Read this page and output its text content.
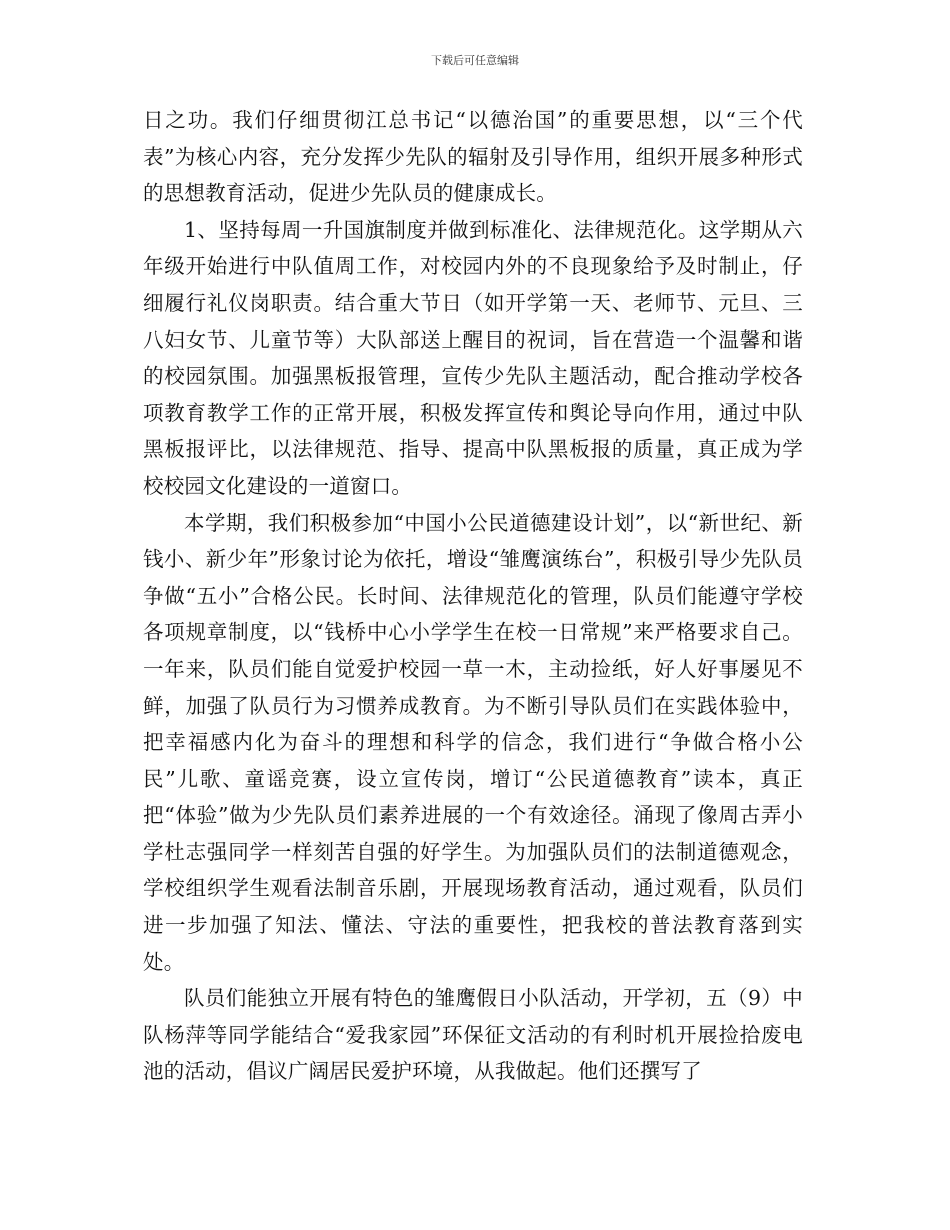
下载后可任意编辑

日之功。我们仔细贯彻江总书记“以德治国”的重要思想，以“三个代表”为核心内容，充分发挥少先队的辐射及引导作用，组织开展多种形式的思想教育活动，促进少先队员的健康成长。

1、坚持每周一升国旗制度并做到标准化、法律规范化。这学期从六年级开始进行中队值周工作，对校园内外的不良现象给予及时制止，仔细履行礼仪岗职责。结合重大节日（如开学第一天、老师节、元旦、三八妇女节、儿童节等）大队部送上醒目的祝词，旨在营造一个温馨和谐的校园氛围。加强黑板报管理，宣传少先队主题活动，配合推动学校各项教育教学工作的正常开展，积极发挥宣传和舆论导向作用，通过中队黑板报评比，以法律规范、指导、提高中队黑板报的质量，真正成为学校校园文化建设的一道窗口。

本学期，我们积极参加“中国小公民道德建设计划”，以“新世纪、新钱小、新少年”形象讨论为依托，增设“雏鹰演练台”，积极引导少先队员争做“五小”合格公民。长时间、法律规范化的管理，队员们能遵守学校各项规章制度，以“钱桥中心小学学生在校一日常规”来严格要求自己。一年来，队员们能自觉爱护校园一草一木，主动捡纸，好人好事屡见不鲜，加强了队员行为习惯养成教育。为不断引导队员们在实践体验中，把幸福感内化为奋斗的理想和科学的信念，我们进行“争做合格小公民”儿歌、童谣竞赛，设立宣传岗，增订“公民道德教育”读本，真正把“体验”做为少先队员们素养进展的一个有效途径。涌现了像周古弄小学杜志强同学一样刻苦自强的好学生。为加强队员们的法制道德观念，学校组织学生观看法制音乐剧，开展现场教育活动，通过观看，队员们进一步加强了知法、懂法、守法的重要性，把我校的普法教育落到实处。

队员们能独立开展有特色的雏鹰假日小队活动，开学初，五（9）中队杨萍等同学能结合“爱我家园”环保征文活动的有利时机开展捡拾废电池的活动，倡议广阔居民爱护环境，从我做起。他们还撰写了
